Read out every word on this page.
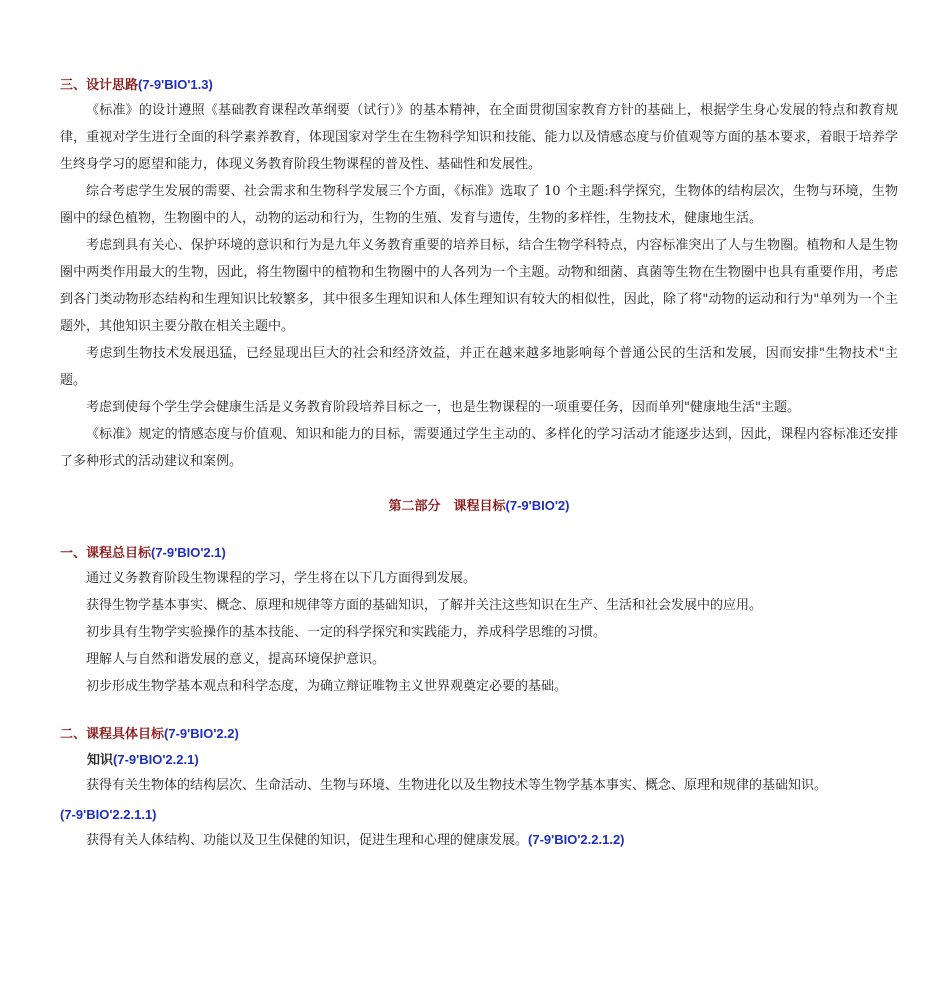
三、设计思路(7-9'BIO'1.3)

《标准》的设计遵照《基础教育课程改革纲要（试行）》的基本精神，在全面贯彻国家教育方针的基础上，根据学生身心发展的特点和教育规律，重视对学生进行全面的科学素养教育，体现国家对学生在生物科学知识和技能、能力以及情感态度与价值观等方面的基本要求，着眼于培养学生终身学习的愿望和能力，体现义务教育阶段生物课程的普及性、基础性和发展性。

综合考虑学生发展的需要、社会需求和生物科学发展三个方面，《标准》选取了 10 个主题:科学探究，生物体的结构层次，生物与环境，生物圈中的绿色植物，生物圈中的人，动物的运动和行为，生物的生殖、发育与遗传，生物的多样性，生物技术，健康地生活。

考虑到具有关心、保护环境的意识和行为是九年义务教育重要的培养目标，结合生物学科特点，内容标准突出了人与生物圈。植物和人是生物圈中两类作用最大的生物，因此，将生物圈中的植物和生物圈中的人各列为一个主题。动物和细菌、真菌等生物在生物圈中也具有重要作用，考虑到各门类动物形态结构和生理知识比较繁多，其中很多生理知识和人体生理知识有较大的相似性，因此，除了将"动物的运动和行为"单列为一个主题外，其他知识主要分散在相关主题中。

考虑到生物技术发展迅猛，已经显现出巨大的社会和经济效益，并正在越来越多地影响每个普通公民的生活和发展，因而安排"生物技术"主题。

考虑到使每个学生学会健康生活是义务教育阶段培养目标之一，也是生物课程的一项重要任务，因而单列"健康地生活"主题。

《标准》规定的情感态度与价值观、知识和能力的目标，需要通过学生主动的、多样化的学习活动才能逐步达到，因此，课程内容标准还安排了多种形式的活动建议和案例。

第二部分　课程目标(7-9'BIO'2)

一、课程总目标(7-9'BIO'2.1)

通过义务教育阶段生物课程的学习，学生将在以下几方面得到发展。

获得生物学基本事实、概念、原理和规律等方面的基础知识，了解并关注这些知识在生产、生活和社会发展中的应用。

初步具有生物学实验操作的基本技能、一定的科学探究和实践能力，养成科学思维的习惯。

理解人与自然和谐发展的意义，提高环境保护意识。

初步形成生物学基本观点和科学态度，为确立辩证唯物主义世界观奠定必要的基础。

二、课程具体目标(7-9'BIO'2.2)

知识(7-9'BIO'2.2.1)

获得有关生物体的结构层次、生命活动、生物与环境、生物进化以及生物技术等生物学基本事实、概念、原理和规律的基础知识。

(7-9'BIO'2.2.1.1)

获得有关人体结构、功能以及卫生保健的知识，促进生理和心理的健康发展。(7-9'BIO'2.2.1.2)
